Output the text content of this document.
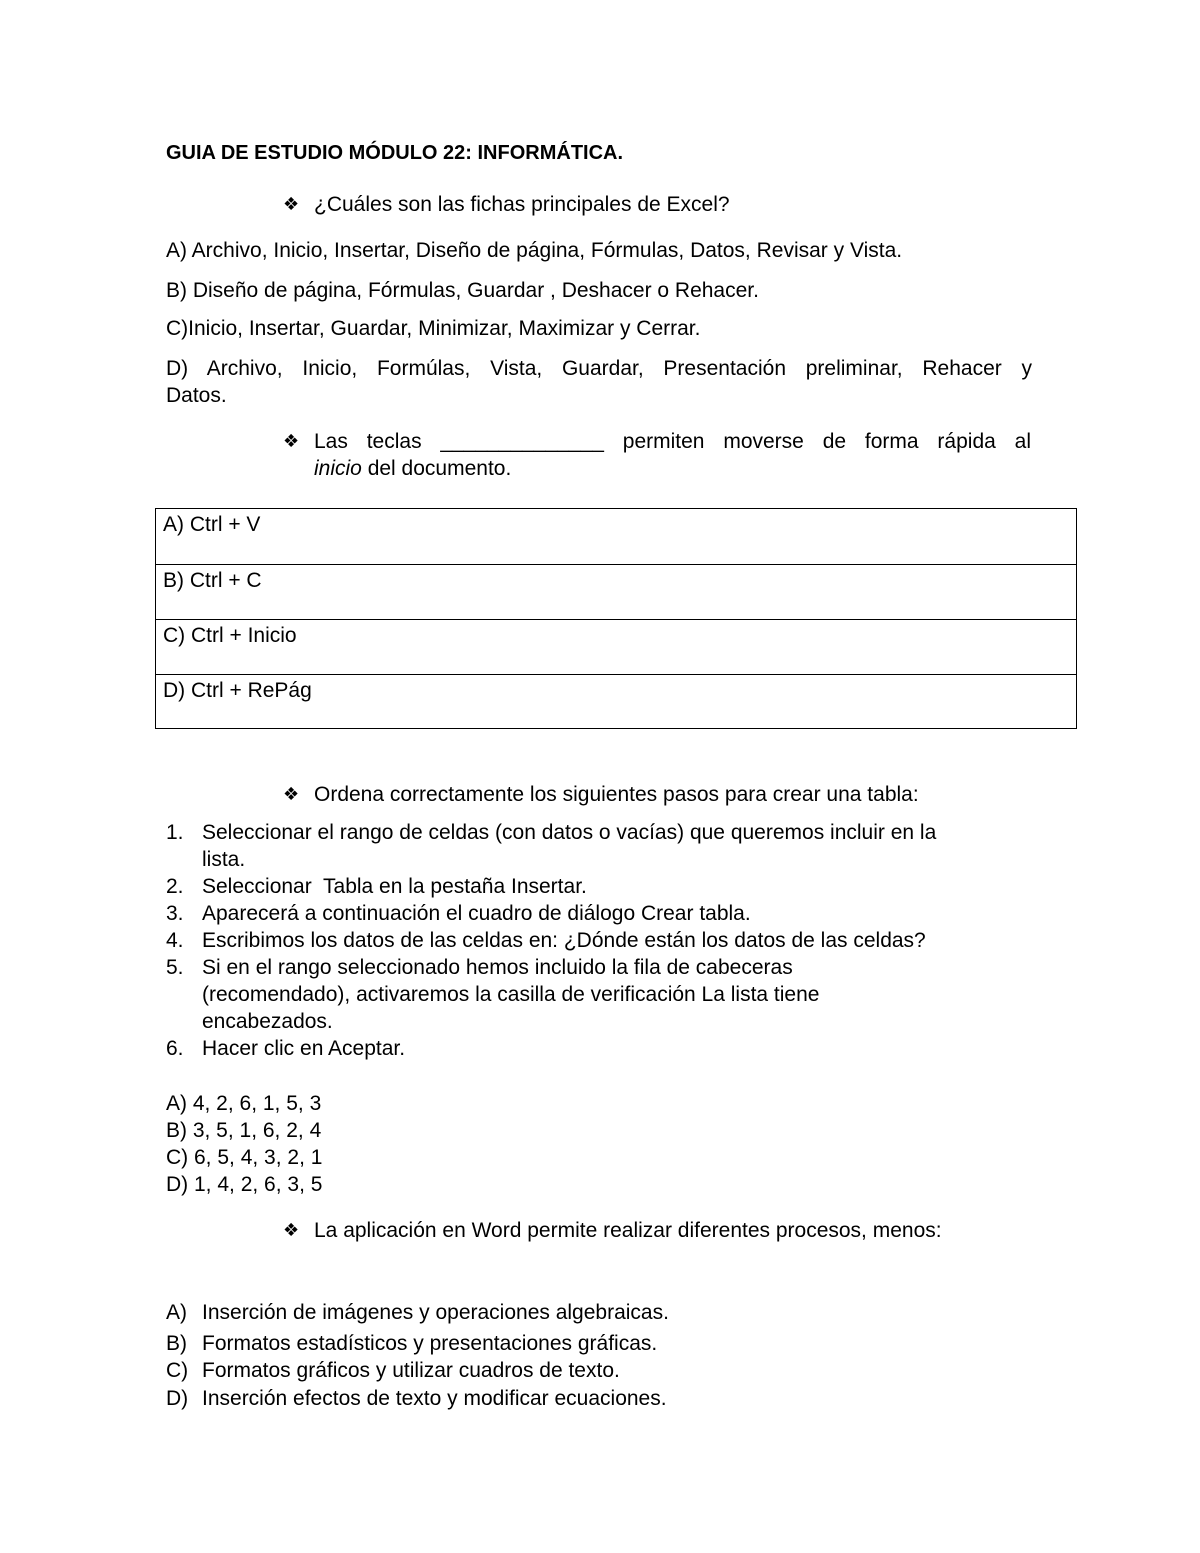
GUIA DE ESTUDIO MÓDULO 22: INFORMÁTICA.
❖ ¿Cuáles son las fichas principales de Excel?
A) Archivo, Inicio, Insertar, Diseño de página, Fórmulas, Datos, Revisar y Vista.
B) Diseño de página, Fórmulas, Guardar , Deshacer o Rehacer.
C)Inicio, Insertar, Guardar, Minimizar, Maximizar y Cerrar.
D) Archivo, Inicio, Formúlas, Vista, Guardar, Presentación preliminar, Rehacer y
Datos.
❖ Las teclas ______________ permiten moverse de forma rápida al
inicio del documento.
A) Ctrl + V
B) Ctrl + C
C) Ctrl + Inicio
D) Ctrl + RePág
❖ Ordena correctamente los siguientes pasos para crear una tabla:
1. Seleccionar el rango de celdas (con datos o vacías) que queremos incluir en la
lista.
2. Seleccionar  Tabla en la pestaña Insertar.
3. Aparecerá a continuación el cuadro de diálogo Crear tabla.
4. Escribimos los datos de las celdas en: ¿Dónde están los datos de las celdas?
5. Si en el rango seleccionado hemos incluido la fila de cabeceras
(recomendado), activaremos la casilla de verificación La lista tiene
encabezados.
6. Hacer clic en Aceptar.
A) 4, 2, 6, 1, 5, 3
B) 3, 5, 1, 6, 2, 4
C) 6, 5, 4, 3, 2, 1
D) 1, 4, 2, 6, 3, 5
❖ La aplicación en Word permite realizar diferentes procesos, menos:
A) Inserción de imágenes y operaciones algebraicas.
B) Formatos estadísticos y presentaciones gráficas.
C) Formatos gráficos y utilizar cuadros de texto.
D) Inserción efectos de texto y modificar ecuaciones.
